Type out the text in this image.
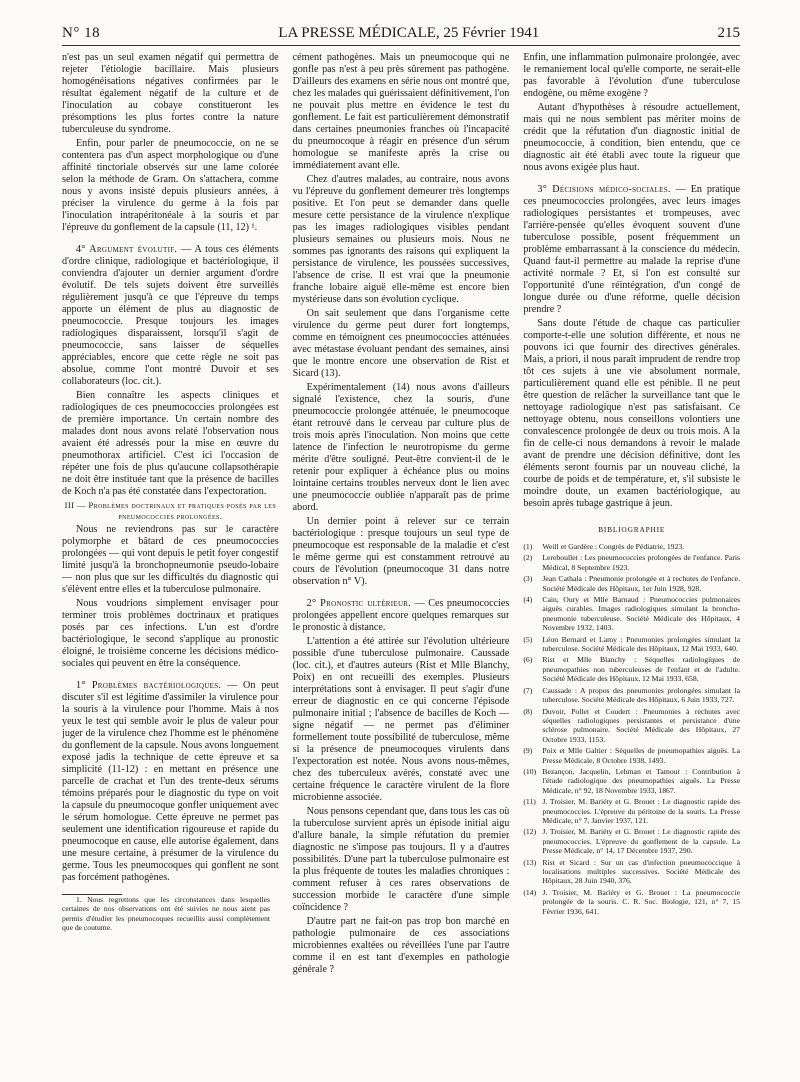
N° 18	LA PRESSE MÉDICALE, 25 Février 1941	215

n'est pas un seul examen négatif qui permettra de rejeter l'étiologie bacillaire. Mais plusieurs homogénéisations négatives confirmées par le résultat également négatif de la culture et de l'inoculation au cobaye constitueront les présomptions les plus fortes contre la nature tuberculeuse du syndrome.

Enfin, pour parler de pneumococcie, on ne se contentera pas d'un aspect morphologique ou d'une affinité tinctoriale observés sur une lame colorée selon la méthode de Gram. On s'attachera, comme nous y avons insisté depuis plusieurs années, à préciser la virulence du germe à la fois par l'inoculation intrapéritonéale à la souris et par l'épreuve du gonflement de la capsule (11, 12) ¹.

4° Argument évolutif. — A tous ces éléments d'ordre clinique, radiologique et bactériologique, il conviendra d'ajouter un dernier argument d'ordre évolutif. De tels sujets doivent être surveillés régulièrement jusqu'à ce que l'épreuve du temps apporte un élément de plus au diagnostic de pneumococcie. Presque toujours les images radiologiques disparaissent, lorsqu'il s'agit de pneumococcie, sans laisser de séquelles appréciables, encore que cette règle ne soit pas absolue, comme l'ont montré Duvoir et ses collaborateurs (loc. cit.).

Bien connaître les aspects cliniques et radiologiques de ces pneumococcies prolongées est de première importance. Un certain nombre des malades dont nous avons relaté l'observation nous avaient été adressés pour la mise en œuvre du pneumothorax artificiel. C'est ici l'occasion de répéter une fois de plus qu'aucune collapsothérapie ne doit être instituée tant que la présence de bacilles de Koch n'a pas été constatée dans l'expectoration.

III — Problèmes doctrinaux et pratiques posés par les pneumococcies prolongées.

Nous ne reviendrons pas sur le caractère polymorphe et bâtard de ces pneumococcies prolongées — qui vont depuis le petit foyer congestif limité jusqu'à la bronchopneumonie pseudo-lobaire — non plus que sur les difficultés du diagnostic qui s'élèvent entre elles et la tuberculose pulmonaire.

Nous voudrions simplement envisager pour terminer trois problèmes doctrinaux et pratiques posés par ces infections. L'un est d'ordre bactériologique, le second s'applique au pronostic éloigné, le troisième concerne les décisions médico-sociales qui peuvent en être la conséquence.

1° Problèmes bactériologiques. — On peut discuter s'il est légitime d'assimiler la virulence pour la souris à la virulence pour l'homme. Mais à nos yeux le test qui semble avoir le plus de valeur pour juger de la virulence chez l'homme est le phénomène du gonflement de la capsule. Nous avons longuement exposé jadis la technique de cette épreuve et sa simplicité (11-12) : en mettant en présence une parcelle de crachat et l'un des trente-deux sérums témoins préparés pour le diagnostic du type on voit la capsule du pneumocoque gonfler uniquement avec le sérum homologue. Cette épreuve ne permet pas seulement une identification rigoureuse et rapide du pneumocoque en cause, elle autorise également, dans une mesure certaine, à présumer de la virulence du germe. Tous les pneumocoques qui gonflent ne sont pas forcément pathogènes.

1. Nous regrettons que les circonstances dans lesquelles certaines de nos observations ont été suivies ne nous aient pas permis d'étudier les pneumocoques recueillis aussi complètement que de coutume.

cément pathogènes. Mais un pneumocoque qui ne gonfle pas n'est à peu près sûrement pas pathogène. D'ailleurs des examens en série nous ont montré que, chez les malades qui guérissaient définitivement, l'on ne pouvait plus mettre en évidence le test du gonflement. Le fait est particulièrement démonstratif dans certaines pneumonies franches où l'incapacité du pneumocoque à réagir en présence d'un sérum homologue se manifeste après la crise ou immédiatement avant elle.

Chez d'autres malades, au contraire, nous avons vu l'épreuve du gonflement demeurer très longtemps positive. Et l'on peut se demander dans quelle mesure cette persistance de la virulence n'explique pas les images radiologiques visibles pendant plusieurs semaines ou plusieurs mois. Nous ne sommes pas ignorants des raisons qui expliquent la persistance de virulence, les poussées successives, l'absence de crise. Il est vrai que la pneumonie franche lobaire aiguë elle-même est encore bien mystérieuse dans son évolution cyclique.

On sait seulement que dans l'organisme cette virulence du germe peut durer fort longtemps, comme en témoignent ces pneumococcies atténuées avec métastase évoluant pendant des semaines, ainsi que le montre encore une observation de Rist et Sicard (13).

Expérimentalement (14) nous avons d'ailleurs signalé l'existence, chez la souris, d'une pneumococcie prolongée atténuée, le pneumocoque étant retrouvé dans le cerveau par culture plus de trois mois après l'inoculation. Non moins que cette latence de l'infection le neurotropisme du germe mérite d'être souligné. Peut-être convient-il de le retenir pour expliquer à échéance plus ou moins lointaine certains troubles nerveux dont le lien avec une pneumococcie oubliée n'apparaît pas de prime abord.

Un dernier point à relever sur ce terrain bactériologique : presque toujours un seul type de pneumocoque est responsable de la maladie et c'est le même germe qui est constamment retrouvé au cours de l'évolution (pneumocoque 31 dans notre observation n° V).

2° Pronostic ultérieur. — Ces pneumococcies prolongées appellent encore quelques remarques sur le pronostic à distance.

L'attention a été attirée sur l'évolution ultérieure possible d'une tuberculose pulmonaire. Caussade (loc. cit.), et d'autres auteurs (Rist et Mlle Blanchy, Poix) en ont recueilli des exemples. Plusieurs interprétations sont à envisager. Il peut s'agir d'une erreur de diagnostic en ce qui concerne l'épisode pulmonaire initial ; l'absence de bacilles de Koch — signe négatif — ne permet pas d'éliminer formellement toute possibilité de tuberculose, même si la présence de pneumocoques virulents dans l'expectoration est notée. Nous avons nous-mêmes, chez des tuberculeux avérés, constaté avec une certaine fréquence le caractère virulent de la flore microbienne associée.

Nous pensons cependant que, dans tous les cas où la tuberculose survient après un épisode initial aigu d'allure banale, la simple réfutation du premier diagnostic ne s'impose pas toujours. Il y a d'autres possibilités. D'une part la tuberculose pulmonaire est la plus fréquente de toutes les maladies chroniques : comment refuser à ces rares observations de succession morbide le caractère d'une simple coïncidence ?

D'autre part ne fait-on pas trop bon marché en pathologie pulmonaire de ces associations microbiennes exaltées ou réveillées l'une par l'autre comme il en est tant d'exemples en pathologie générale ?

Enfin, une inflammation pulmonaire prolongée, avec le remaniement local qu'elle comporte, ne serait-elle pas favorable à l'évolution d'une tuberculose endogène, ou même exogène ?

Autant d'hypothèses à résoudre actuellement, mais qui ne nous semblent pas mériter moins de crédit que la réfutation d'un diagnostic initial de pneumococcie, à condition, bien entendu, que ce diagnostic ait été établi avec toute la rigueur que nous avons exigée plus haut.

3° Décisions médico-sociales. — En pratique ces pneumococcies prolongées, avec leurs images radiologiques persistantes et trompeuses, avec l'arrière-pensée qu'elles évoquent souvent d'une tuberculose possible, posent fréquemment un problème embarrassant à la conscience du médecin. Quand faut-il permettre au malade la reprise d'une activité normale ? Et, si l'on est consulté sur l'opportunité d'une réintégration, d'un congé de longue durée ou d'une réforme, quelle décision prendre ?

Sans doute l'étude de chaque cas particulier comporte-t-elle une solution différente, et nous ne pouvons ici que fournir des directives générales. Mais, a priori, il nous paraît imprudent de rendre trop tôt ces sujets à une vie absolument normale, particulièrement quand elle est pénible. Il ne peut être question de relâcher la surveillance tant que le nettoyage radiologique n'est pas satisfaisant. Ce nettoyage obtenu, nous conseillons volontiers une convalescence prolongée de deux ou trois mois. A la fin de celle-ci nous demandons à revoir le malade avant de prendre une décision définitive, dont les éléments seront fournis par un nouveau cliché, la courbe de poids et de température, et, s'il subsiste le moindre doute, un examen bactériologique, au besoin après tubage gastrique à jeun.

BIBLIOGRAPHIE
(1)	Weill et Gardère : Congrès de Pédiatrie, 1923.
(2)	Lereboullet : Les pneumococcies prolongées de l'enfance. Paris Médical, 8 Septembre 1923.
(3)	Jean Cathala : Pneumonie prolongée et à rechutes de l'enfance. Société Médicale des Hôpitaux, 1er Juin 1928, 928.
(4)	Cain, Oury et Mlle Barnaud : Pneumococcies pulmonaires aiguës curables. Images radiologiques simulant la broncho-pneumonie tuberculeuse. Société Médicale des Hôpitaux, 4 Novembre 1932, 1403.
(5)	Léon Bernard et Lamy : Pneumonies prolongées simulant la tuberculose. Société Médicale des Hôpitaux, 12 Mai 1933, 640.
(6)	Rist et Mlle Blanchy : Séquelles radiologiques de pneumopathies non tuberculeuses de l'enfant et de l'adulte. Société Médicale des Hôpitaux, 12 Mai 1933, 658.
(7)	Caussade : A propos des pneumonies prolongées simulant la tuberculose. Société Médicale des Hôpitaux, 6 Juin 1933, 727.
(8)	Duvoir, Pollet et Coudert : Pneumonies à rechutes avec séquelles radiologiques persistantes et persistance d'une sclérose pulmonaire. Société Médicale des Hôpitaux, 27 Octobre 1933, 1153.
(9)	Poix et Mlle Galtier : Séquelles de pneumopathies aiguës. La Presse Médicale, 8 Octobre 1938, 1493.
(10) Bezançon, Jacquelin, Lehman et Tamour : Contribution à l'étude radiologique des pneumopathies aiguës. La Presse Médicale, n° 92, 18 Novembre 1933, 1867.
(11) J. Troisier, M. Bariéty et G. Brouet : Le diagnostic rapide des pneumococcies. L'épreuve du péritoine de la souris. La Presse Médicale, n° 7, Janvier 1937, 121.
(12) J. Troisier, M. Bariéty et G. Brouet : Le diagnostic rapide des pneumococcies. L'épreuve du gonflement de la capsule. La Presse Médicale, n° 14, 17 Décembre 1937, 290.
(13) Rist et Sicard : Sur un cas d'infection pneumococcique à localisations multiples successives. Société Médicale des Hôpitaux, 28 Juin 1940, 376.
(14) J. Troisier, M. Bariéty et G. Brouet : La pneumococcie prolongée de la souris. C. R. Soc. Biologie, 121, n° 7, 15 Février 1936, 641.
